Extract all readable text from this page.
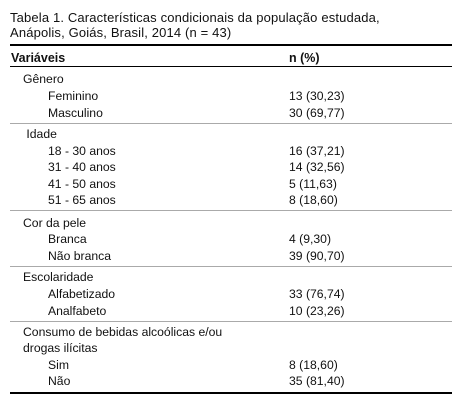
Tabela 1. Características condicionais da população estudada,
Anápolis, Goiás, Brasil, 2014 (n = 43)
Variáveis	n (%)
Gênero
Feminino	13 (30,23)
Masculino	30 (69,77)
Idade
18 - 30 anos	16 (37,21)
31 - 40 anos	14 (32,56)
41 - 50 anos	5 (11,63)
51 - 65 anos	8 (18,60)
Cor da pele
Branca	4 (9,30)
Não branca	39 (90,70)
Escolaridade
Alfabetizado	33 (76,74)
Analfabeto	10 (23,26)
Consumo de bebidas alcoólicas e/ou
drogas ilícitas
Sim	8 (18,60)
Não	35 (81,40)
